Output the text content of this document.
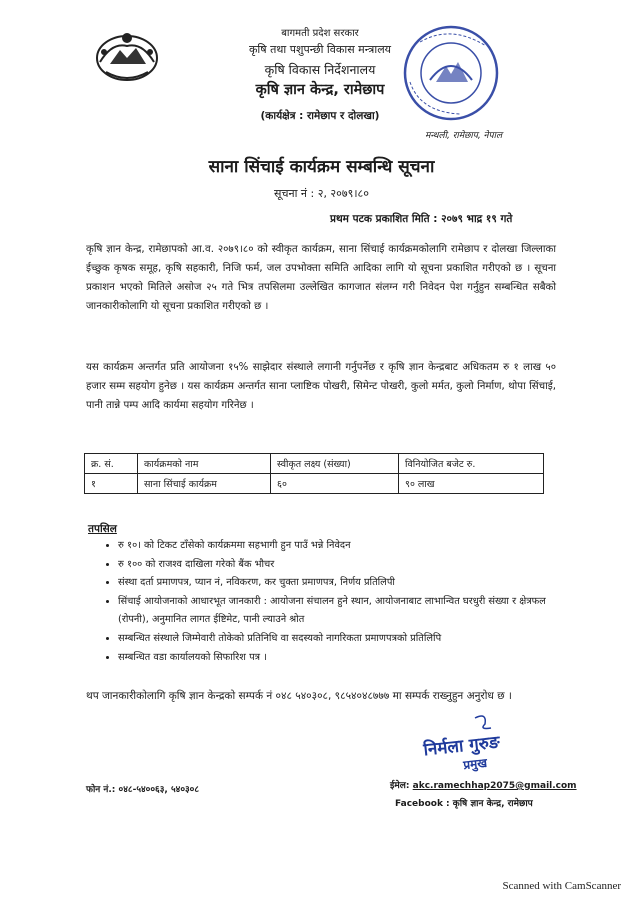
बागमती प्रदेश सरकार
कृषि तथा पशुपन्छी विकास मन्त्रालय
कृषि विकास निर्देशनालय
कृषि ज्ञान केन्द्र, रामेछाप
(कार्यक्षेत्र : रामेछाप र दोलखा)
मन्थली, रामेछाप, नेपाल
साना सिंचाई कार्यक्रम सम्बन्धि सूचना
सूचना नं : २, २०७९।८०
प्रथम पटक प्रकाशित मिति : २०७९ भाद्र १९ गते

कृषि ज्ञान केन्द्र, रामेछापको आ.व. २०७९।८० को स्वीकृत कार्यक्रम, साना सिंचाई कार्यक्रमकोलागि रामेछाप र दोलखा जिल्लाका ईच्छुक कृषक समूह, कृषि सहकारी, निजि फर्म, जल उपभोक्ता समिति आदिका लागि यो सूचना प्रकाशित गरीएको छ । सूचना प्रकाशन भएको मितिले असोज २५ गते भित्र तपसिलमा उल्लेखित कागजात संलग्न गरी निवेदन पेश गर्नुहुन सम्बन्धित सबैको जानकारीकोलागि यो सूचना प्रकाशित गरीएको छ ।

यस कार्यक्रम अन्तर्गत प्रति आयोजना १५% साझेदार संस्थाले लगानी गर्नुपर्नेछ र कृषि ज्ञान केन्द्रबाट अधिकतम रु १ लाख ५० हजार सम्म सहयोग हुनेछ । यस कार्यक्रम अन्तर्गत साना प्लाष्टिक पोखरी, सिमेन्ट पोखरी, कुलो मर्मत, कुलो निर्माण, थोपा सिंचाई, पानी तान्ने पम्प आदि कार्यमा सहयोग गरिनेछ ।

क्र. सं.	कार्यक्रमको नाम	स्वीकृत लक्ष्य (संख्या)	विनियोजित बजेट रु.
१	साना सिंचाई कार्यक्रम	६०	९० लाख
तपसिल
• रु १०। को टिकट टाँसेको कार्यक्रममा सहभागी हुन पाउँ भन्ने निवेदन
• रु १०० को राजश्व दाखिला गरेको बैंक भौचर
• संस्था दर्ता प्रमाणपत्र, प्यान नं, नविकरण, कर चुक्ता प्रमाणपत्र, निर्णय प्रतिलिपी
• सिंचाई आयोजनाको आधारभूत जानकारी : आयोजना संचालन हुने स्थान, आयोजनाबाट लाभान्वित घरधुरी संख्या र क्षेत्रफल (रोपनी), अनुमानित लागत ईष्टिमेट, पानी ल्याउने श्रोत
• सम्बन्धित संस्थाले जिम्मेवारी तोकेको प्रतिनिधि वा सदस्यको नागरिकता प्रमाणपत्रको प्रतिलिपि
• सम्बन्धित वडा कार्यालयको सिफारिश पत्र ।

थप जानकारीकोलागि कृषि ज्ञान केन्द्रको सम्पर्क नं ०४८ ५४०३०८, ९८५४०४८७७७ मा सम्पर्क राख्नुहुन अनुरोध छ ।

निर्मला गुरुङ
प्रमुख
फोन नं.: ०४८-५४००६३, ५४०३०८	ईमेल: akc.ramechhap2075@gmail.com
Facebook : कृषि ज्ञान केन्द्र, रामेछाप
Scanned with CamScanner
